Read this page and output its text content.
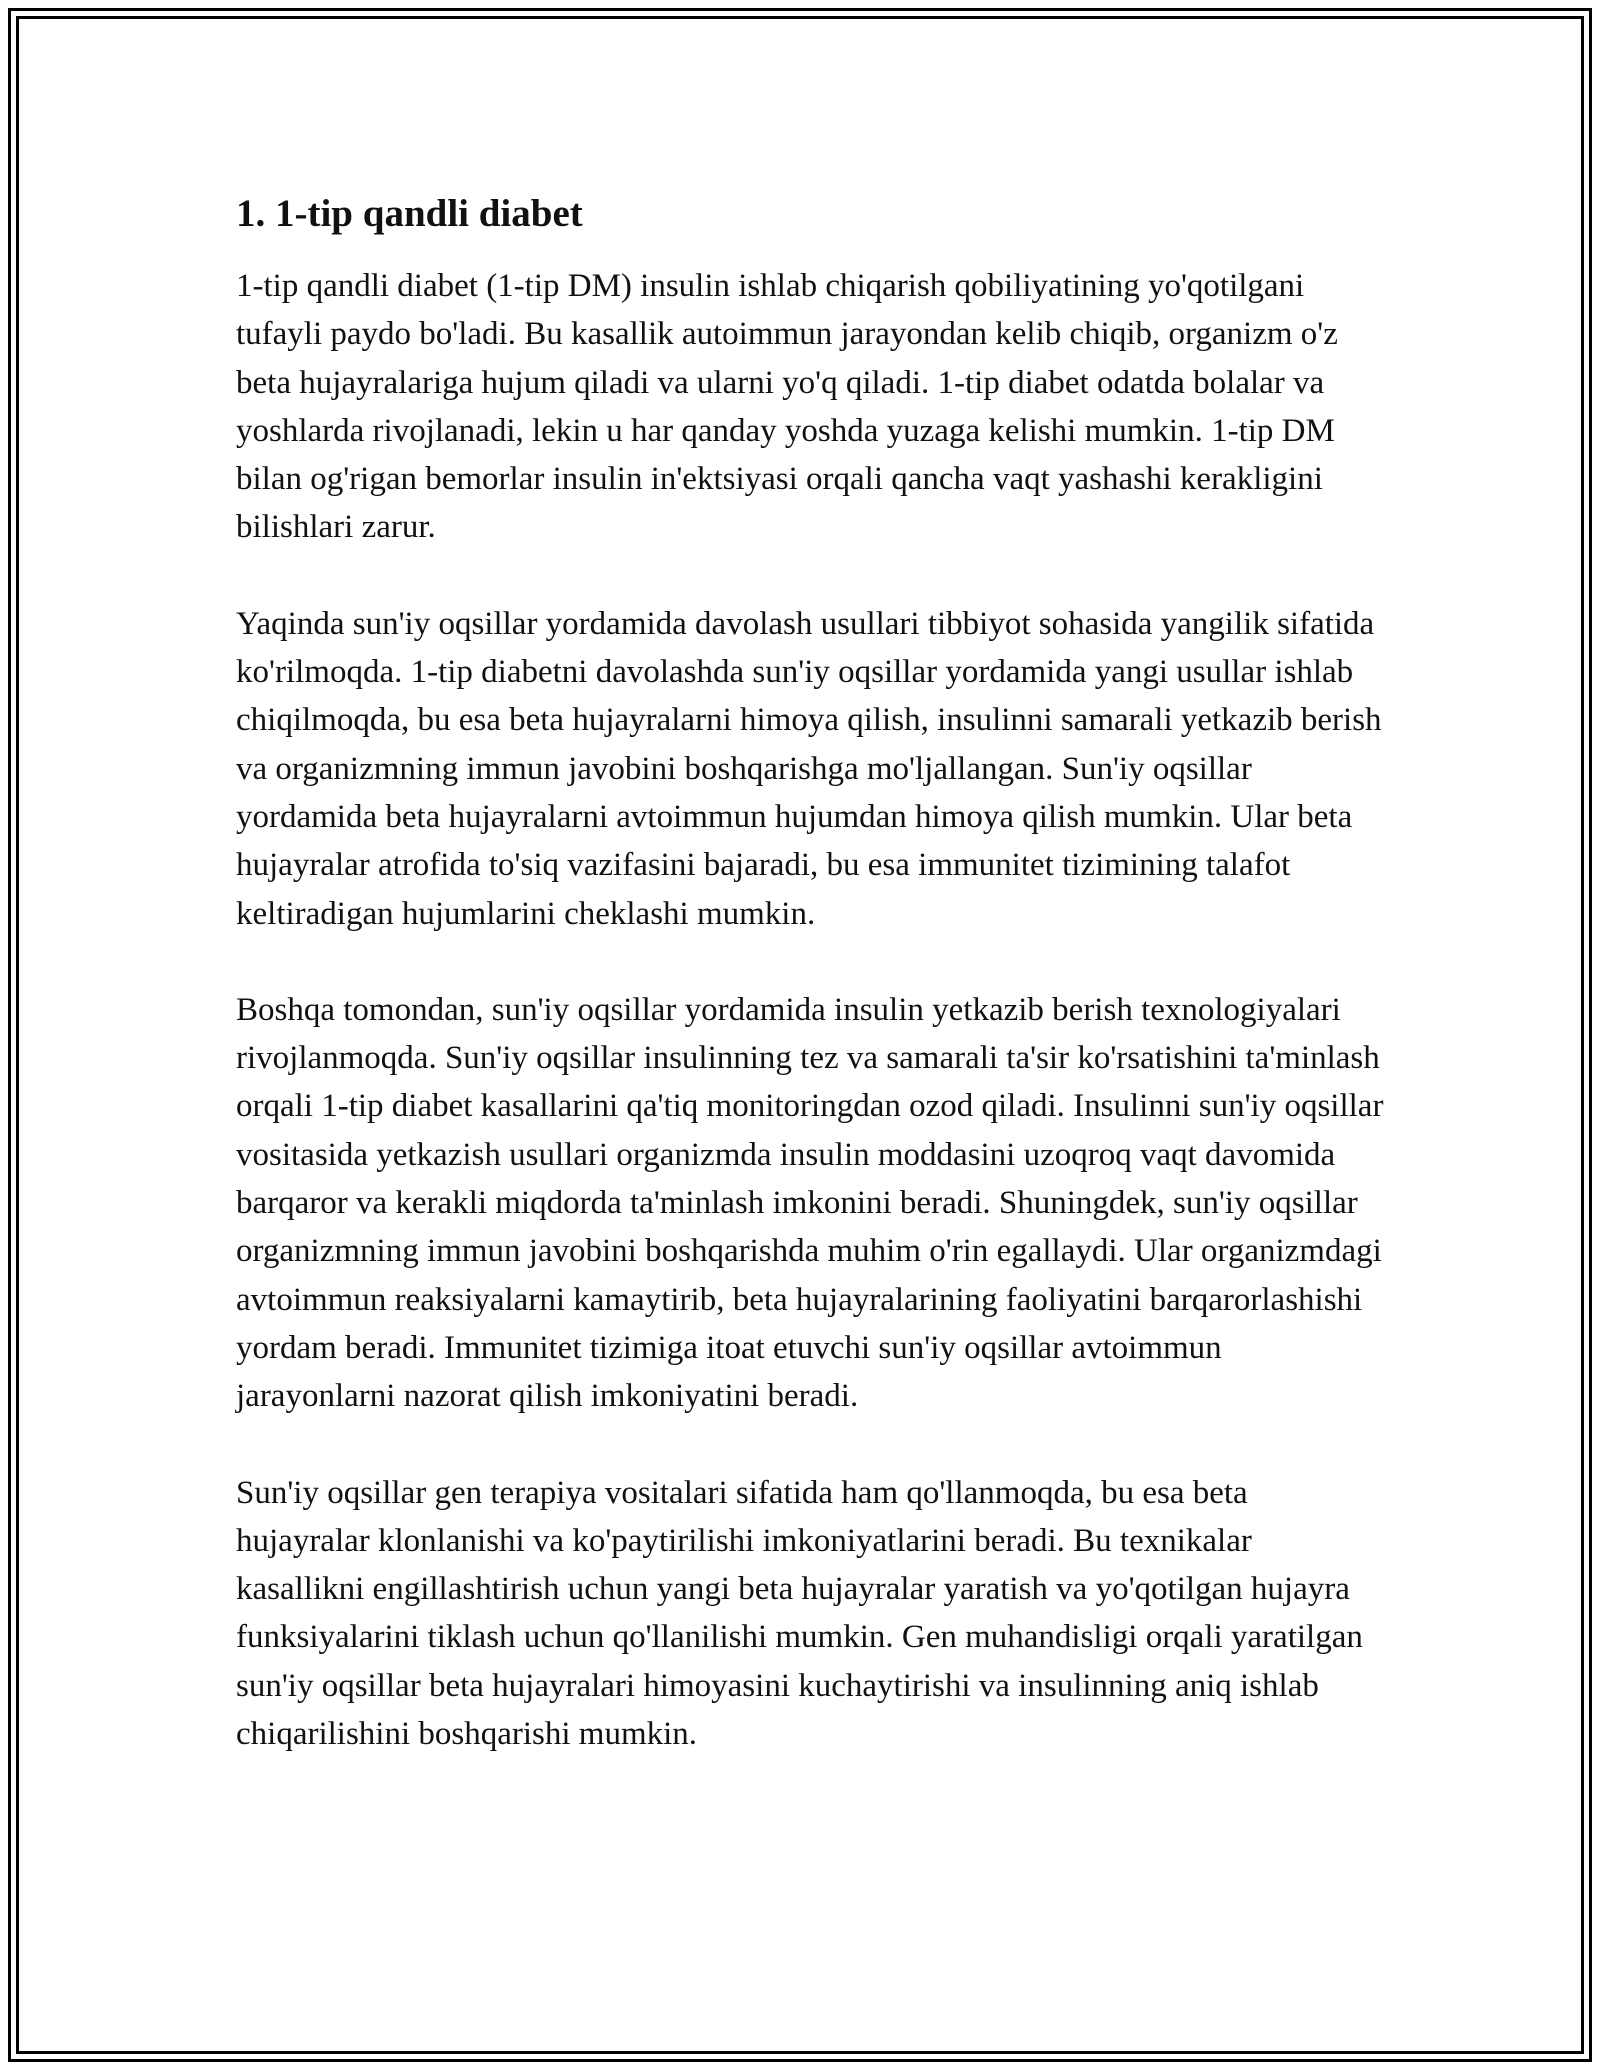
1. 1-tip qandli diabet

1-tip qandli diabet (1-tip DM) insulin ishlab chiqarish qobiliyatining yo'qotilgani tufayli paydo bo'ladi. Bu kasallik autoimmun jarayondan kelib chiqib, organizm o'z beta hujayralariga hujum qiladi va ularni yo'q qiladi. 1-tip diabet odatda bolalar va yoshlarda rivojlanadi, lekin u har qanday yoshda yuzaga kelishi mumkin. 1-tip DM bilan og'rigan bemorlar insulin in'ektsiyasi orqali qancha vaqt yashashi kerakligini bilishlari zarur.

Yaqinda sun'iy oqsillar yordamida davolash usullari tibbiyot sohasida yangilik sifatida ko'rilmoqda. 1-tip diabetni davolashda sun'iy oqsillar yordamida yangi usullar ishlab chiqilmoqda, bu esa beta hujayralarni himoya qilish, insulinni samarali yetkazib berish va organizmning immun javobini boshqarishga mo'ljallangan. Sun'iy oqsillar yordamida beta hujayralarni avtoimmun hujumdan himoya qilish mumkin. Ular beta hujayralar atrofida to'siq vazifasini bajaradi, bu esa immunitet tizimining talafot keltiradigan hujumlarini cheklashi mumkin.

Boshqa tomondan, sun'iy oqsillar yordamida insulin yetkazib berish texnologiyalari rivojlanmoqda. Sun'iy oqsillar insulinning tez va samarali ta'sir ko'rsatishini ta'minlash orqali 1-tip diabet kasallarini qa'tiq monitoringdan ozod qiladi. Insulinni sun'iy oqsillar vositasida yetkazish usullari organizmda insulin moddasini uzoqroq vaqt davomida barqaror va kerakli miqdorda ta'minlash imkonini beradi. Shuningdek, sun'iy oqsillar organizmning immun javobini boshqarishda muhim o'rin egallaydi. Ular organizmdagi avtoimmun reaksiyalarni kamaytirib, beta hujayralarining faoliyatini barqarorlashishi yordam beradi. Immunitet tizimiga itoat etuvchi sun'iy oqsillar avtoimmun jarayonlarni nazorat qilish imkoniyatini beradi.

Sun'iy oqsillar gen terapiya vositalari sifatida ham qo'llanmoqda, bu esa beta hujayralar klonlanishi va ko'paytirilishi imkoniyatlarini beradi. Bu texnikalar kasallikni engillashtirish uchun yangi beta hujayralar yaratish va yo'qotilgan hujayra funksiyalarini tiklash uchun qo'llanilishi mumkin. Gen muhandisligi orqali yaratilgan sun'iy oqsillar beta hujayralari himoyasini kuchaytirishi va insulinning aniq ishlab chiqarilishini boshqarishi mumkin.
